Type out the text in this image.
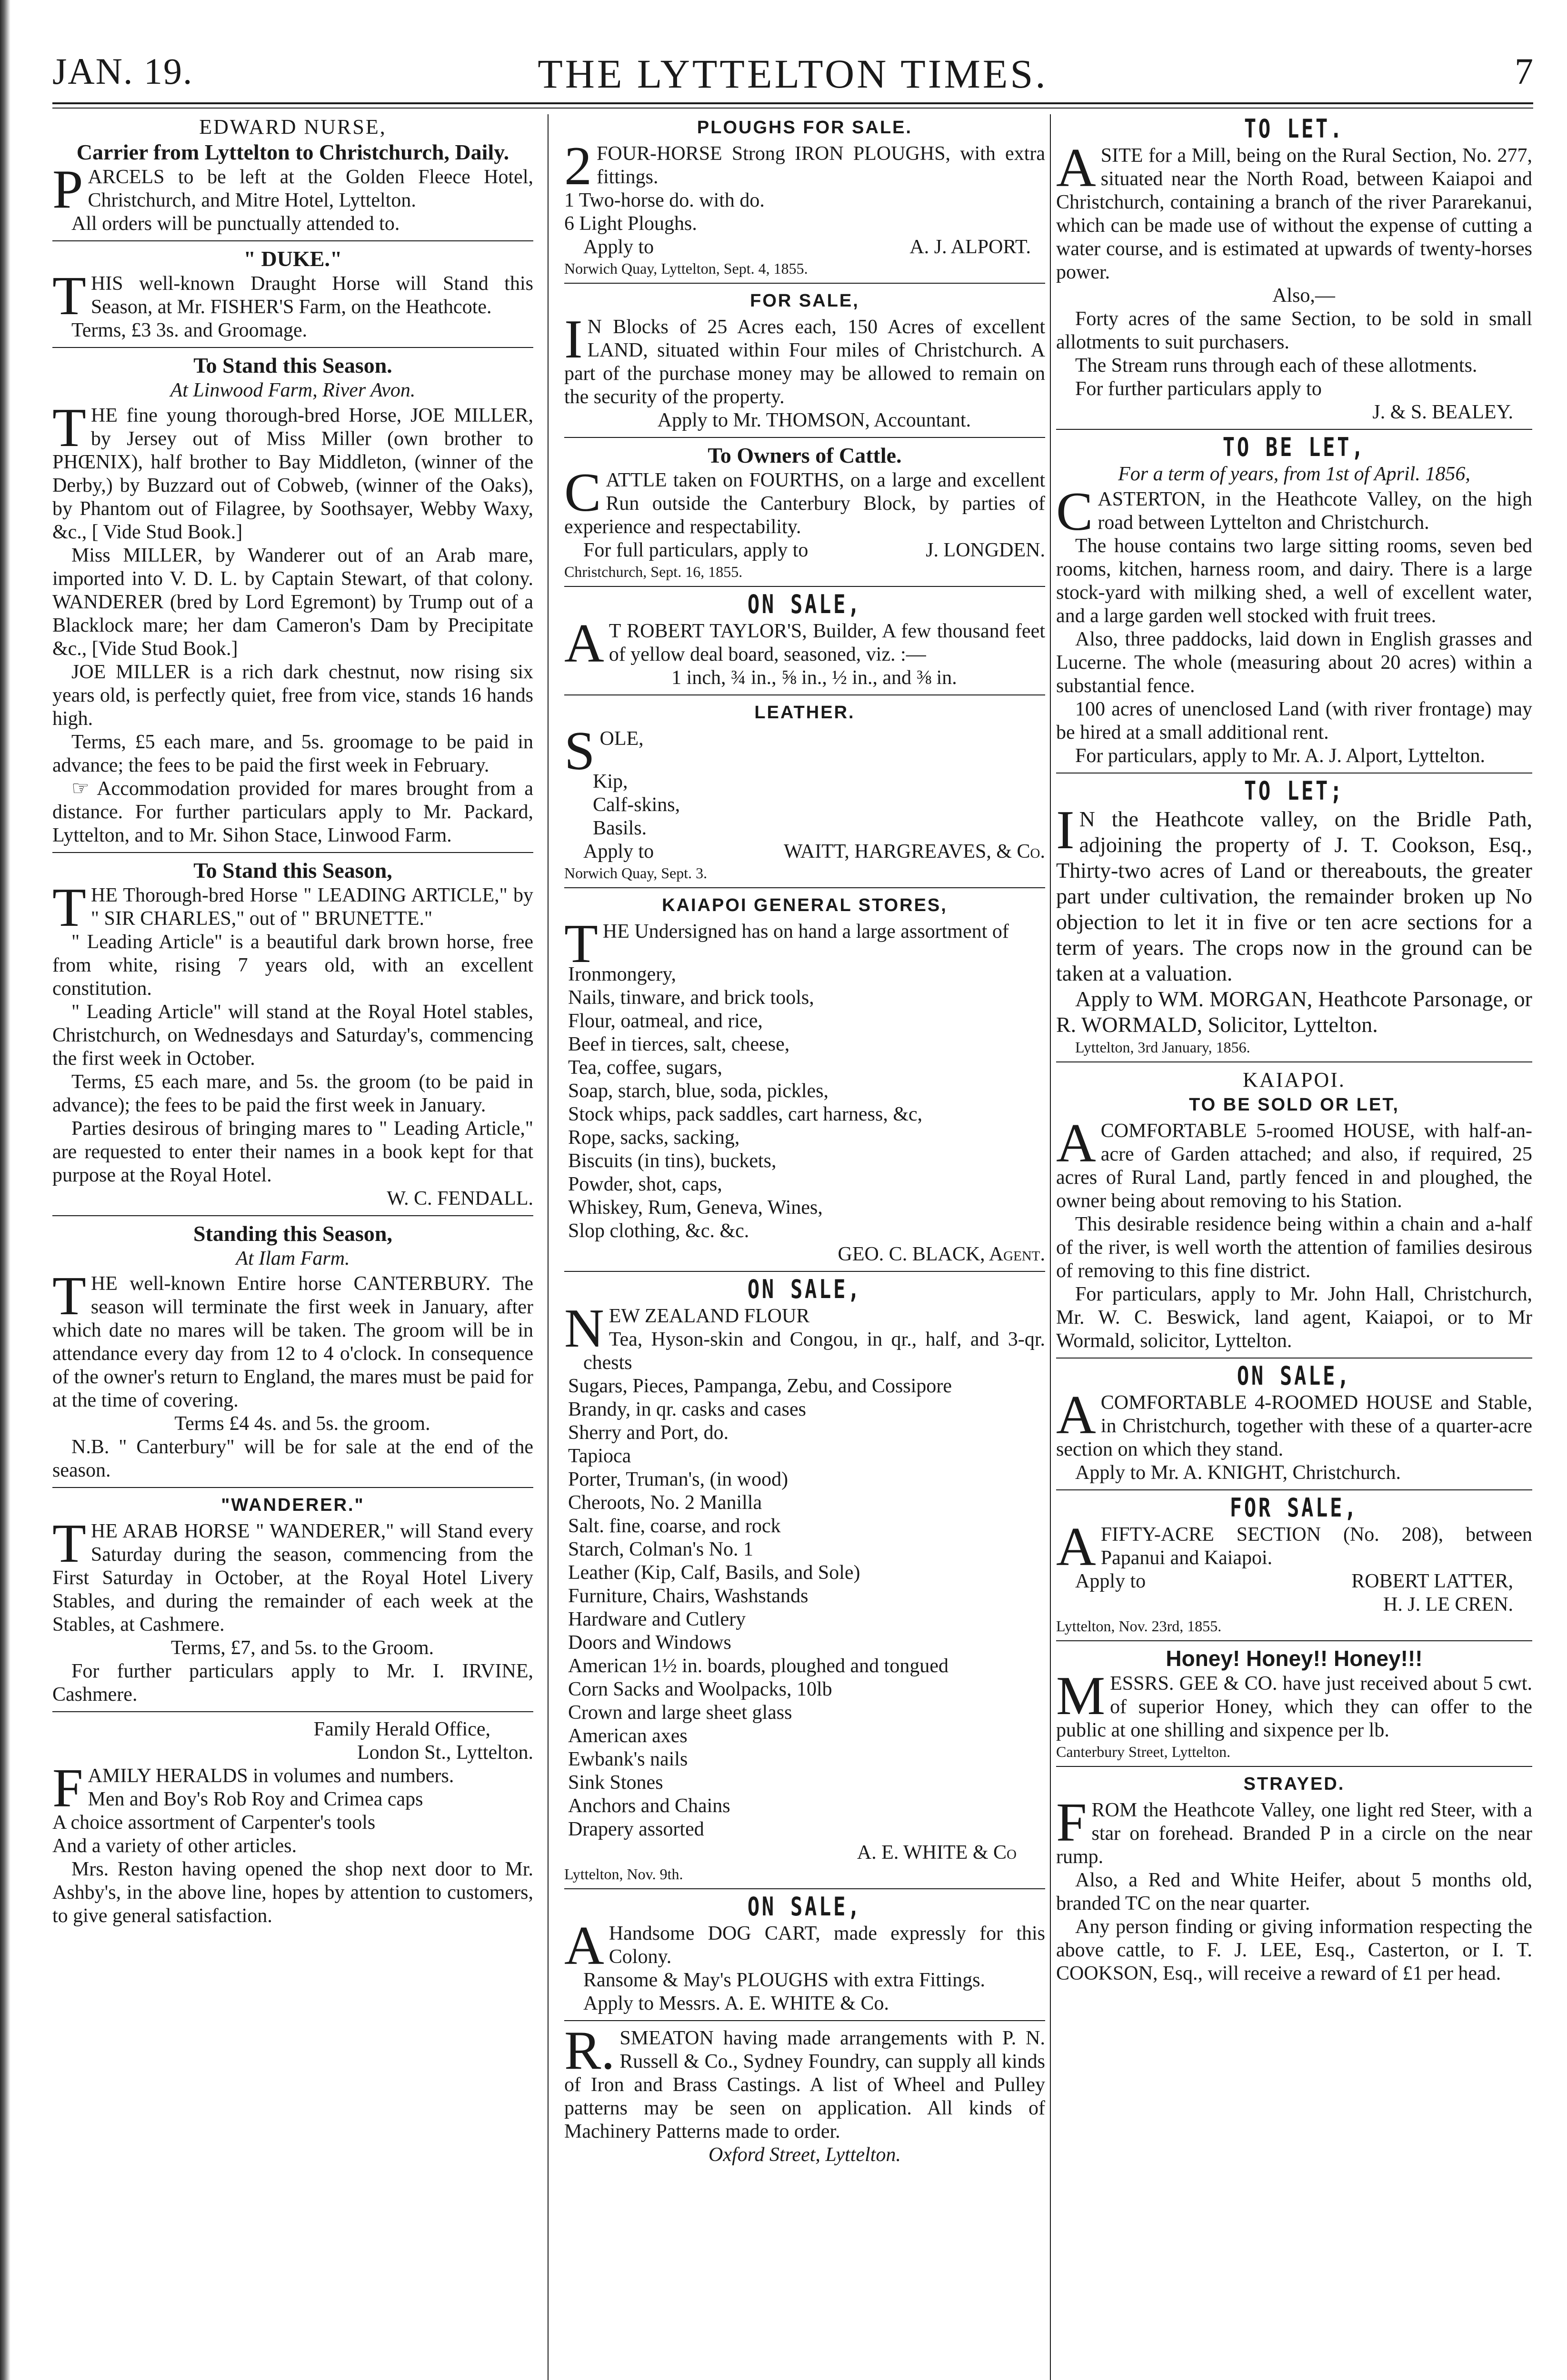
JAN. 19.	THE LYTTELTON TIMES.	7
EDWARD NURSE,
Carrier from Lyttelton to Christchurch, Daily.

PARCELS to be left at the Golden Fleece Hotel, Christchurch, and Mitre Hotel, Lyttelton.

All orders will be punctually attended to.

" DUKE."

THIS well-known Draught Horse will Stand this Season, at Mr. FISHER'S Farm, on the Heathcote.

Terms, £3 3s. and Groomage.

To Stand this Season.
At Linwood Farm, River Avon.

THE fine young thorough-bred Horse, JOE MILLER, by Jersey out of Miss Miller (own brother to PHŒNIX), half brother to Bay Middleton, (winner of the Derby,) by Buzzard out of Cobweb, (winner of the Oaks), by Phantom out of Filagree, by Soothsayer, Webby Waxy, &c., [ Vide Stud Book.]

Miss MILLER, by Wanderer out of an Arab mare, imported into V. D. L. by Captain Stewart, of that colony. WANDERER (bred by Lord Egremont) by Trump out of a Blacklock mare; her dam Cameron's Dam by Precipitate &c., [Vide Stud Book.]

JOE MILLER is a rich dark chestnut, now rising six years old, is perfectly quiet, free from vice, stands 16 hands high.

Terms, £5 each mare, and 5s. groomage to be paid in advance; the fees to be paid the first week in February.

☞ Accommodation provided for mares brought from a distance. For further particulars apply to Mr. Packard, Lyttelton, and to Mr. Sihon Stace, Linwood Farm.

To Stand this Season,

THE Thorough-bred Horse " LEADING ARTICLE," by " SIR CHARLES," out of " BRUNETTE."

" Leading Article" is a beautiful dark brown horse, free from white, rising 7 years old, with an excellent constitution.

" Leading Article" will stand at the Royal Hotel stables, Christchurch, on Wednesdays and Saturday's, commencing the first week in October.

Terms, £5 each mare, and 5s. the groom (to be paid in advance); the fees to be paid the first week in January.

Parties desirous of bringing mares to " Leading Article," are requested to enter their names in a book kept for that purpose at the Royal Hotel.

W. C. FENDALL.
Standing this Season,
At Ilam Farm.

THE well-known Entire horse CANTERBURY. The season will terminate the first week in January, after which date no mares will be taken. The groom will be in attendance every day from 12 to 4 o'clock. In consequence of the owner's return to England, the mares must be paid for at the time of covering.

Terms £4 4s. and 5s. the groom.

N.B. " Canterbury" will be for sale at the end of the season.

"WANDERER."

THE ARAB HORSE " WANDERER," will Stand every Saturday during the season, commencing from the First Saturday in October, at the Royal Hotel Livery Stables, and during the remainder of each week at the Stables, at Cashmere.

Terms, £7, and 5s. to the Groom.

For further particulars apply to Mr. I. IRVINE, Cashmere.

Family Herald Office,
London St., Lyttelton.

FAMILY HERALDS in volumes and numbers.

Men and Boy's Rob Roy and Crimea caps

A choice assortment of Carpenter's tools

And a variety of other articles.

Mrs. Reston having opened the shop next door to Mr. Ashby's, in the above line, hopes by attention to customers, to give general satisfaction.

PLOUGHS FOR SALE.

2 FOUR-HORSE Strong IRON PLOUGHS, with extra fittings.

1 Two-horse do. with do.

6 Light Ploughs.

Apply to	A. J. ALPORT.

Norwich Quay, Lyttelton, Sept. 4, 1855.
FOR SALE,

I N Blocks of 25 Acres each, 150 Acres of excellent LAND, situated within Four miles of Christchurch. A part of the purchase money may be allowed to remain on the security of the property.

Apply to Mr. THOMSON, Accountant.

To Owners of Cattle.

CATTLE taken on FOURTHS, on a large and excellent Run outside the Canterbury Block, by parties of experience and respectability.

For full particulars, apply to	J. LONGDEN.

Christchurch, Sept. 16, 1855.
ON SALE,

A T ROBERT TAYLOR'S, Builder, A few thousand feet of yellow deal board, seasoned, viz. :—

1 inch, ¾ in., ⅝ in., ½ in., and ⅜ in.

LEATHER.

SOLE,

Kip,
Calf-skins,
Basils.

Apply to	WAITT, HARGREAVES, & Co.

Norwich Quay, Sept. 3.
KAIAPOI GENERAL STORES,

THE Undersigned has on hand a large assortment of

Ironmongery,
Nails, tinware, and brick tools,
Flour, oatmeal, and rice,
Beef in tierces, salt, cheese,
Tea, coffee, sugars,
Soap, starch, blue, soda, pickles,
Stock whips, pack saddles, cart harness, &c,
Rope, sacks, sacking,
Biscuits (in tins), buckets,
Powder, shot, caps,
Whiskey, Rum, Geneva, Wines,
Slop clothing, &c. &c.
GEO. C. BLACK, Agent.
ON SALE,

NEW ZEALAND FLOUR

Tea, Hyson-skin and Congou, in qr., half, and 3-qr. chests

Sugars, Pieces, Pampanga, Zebu, and Cossipore
Brandy, in qr. casks and cases
Sherry and Port, do.
Tapioca
Porter, Truman's, (in wood)
Cheroots, No. 2 Manilla
Salt. fine, coarse, and rock
Starch, Colman's No. 1
Leather (Kip, Calf, Basils, and Sole)
Furniture, Chairs, Washstands
Hardware and Cutlery
Doors and Windows
American 1½ in. boards, ploughed and tongued
Corn Sacks and Woolpacks, 10lb
Crown and large sheet glass
American axes
Ewbank's nails
Sink Stones
Anchors and Chains
Drapery assorted
A. E. WHITE & Co
Lyttelton, Nov. 9th.
ON SALE,

A Handsome DOG CART, made expressly for this Colony.

Ransome & May's PLOUGHS with extra Fittings.

Apply to Messrs. A. E. WHITE & Co.

R. SMEATON having made arrangements with P. N. Russell & Co., Sydney Foundry, can supply all kinds of Iron and Brass Castings. A list of Wheel and Pulley patterns may be seen on application. All kinds of Machinery Patterns made to order.

Oxford Street, Lyttelton.
TO LET.

ASITE for a Mill, being on the Rural Section, No. 277, situated near the North Road, between Kaiapoi and Christchurch, containing a branch of the river Pararekanui, which can be made use of without the expense of cutting a water course, and is estimated at upwards of twenty-horses power.

Also,—

Forty acres of the same Section, to be sold in small allotments to suit purchasers.

The Stream runs through each of these allotments.

For further particulars apply to

J. & S. BEALEY.
TO BE LET,
For a term of years, from 1st of April. 1856,

CASTERTON, in the Heathcote Valley, on the high road between Lyttelton and Christchurch.

The house contains two large sitting rooms, seven bed rooms, kitchen, harness room, and dairy. There is a large stock-yard with milking shed, a well of excellent water, and a large garden well stocked with fruit trees.

Also, three paddocks, laid down in English grasses and Lucerne. The whole (measuring about 20 acres) within a substantial fence.

100 acres of unenclosed Land (with river frontage) may be hired at a small additional rent.

For particulars, apply to Mr. A. J. Alport, Lyttelton.

TO LET;

I N the Heathcote valley, on the Bridle Path, adjoining the property of J. T. Cookson, Esq., Thirty-two acres of Land or thereabouts, the greater part under cultivation, the remainder broken up No objection to let it in five or ten acre sections for a term of years. The crops now in the ground can be taken at a valuation.

Apply to WM. MORGAN, Heathcote Parsonage, or R. WORMALD, Solicitor, Lyttelton.

Lyttelton, 3rd January, 1856.
KAIAPOI.
TO BE SOLD OR LET,

ACOMFORTABLE 5-roomed HOUSE, with half-an-acre of Garden attached; and also, if required, 25 acres of Rural Land, partly fenced in and ploughed, the owner being about removing to his Station.

This desirable residence being within a chain and a-half of the river, is well worth the attention of families desirous of removing to this fine district.

For particulars, apply to Mr. John Hall, Christchurch, Mr. W. C. Beswick, land agent, Kaiapoi, or to Mr Wormald, solicitor, Lyttelton.

ON SALE,

ACOMFORTABLE 4-ROOMED HOUSE and Stable, in Christchurch, together with these of a quarter-acre section on which they stand.

Apply to Mr. A. KNIGHT, Christchurch.

FOR SALE,

AFIFTY-ACRE SECTION (No. 208), between Papanui and Kaiapoi.

Apply to	ROBERT LATTER,

H. J. LE CREN.
Lyttelton, Nov. 23rd, 1855.
Honey! Honey!! Honey!!!

MESSRS. GEE & CO. have just received about 5 cwt. of superior Honey, which they can offer to the public at one shilling and sixpence per lb.

Canterbury Street, Lyttelton.
STRAYED.

FROM the Heathcote Valley, one light red Steer, with a star on forehead. Branded P in a circle on the near rump.

Also, a Red and White Heifer, about 5 months old, branded TC on the near quarter.

Any person finding or giving information respecting the above cattle, to F. J. LEE, Esq., Casterton, or I. T. COOKSON, Esq., will receive a reward of £1 per head.
